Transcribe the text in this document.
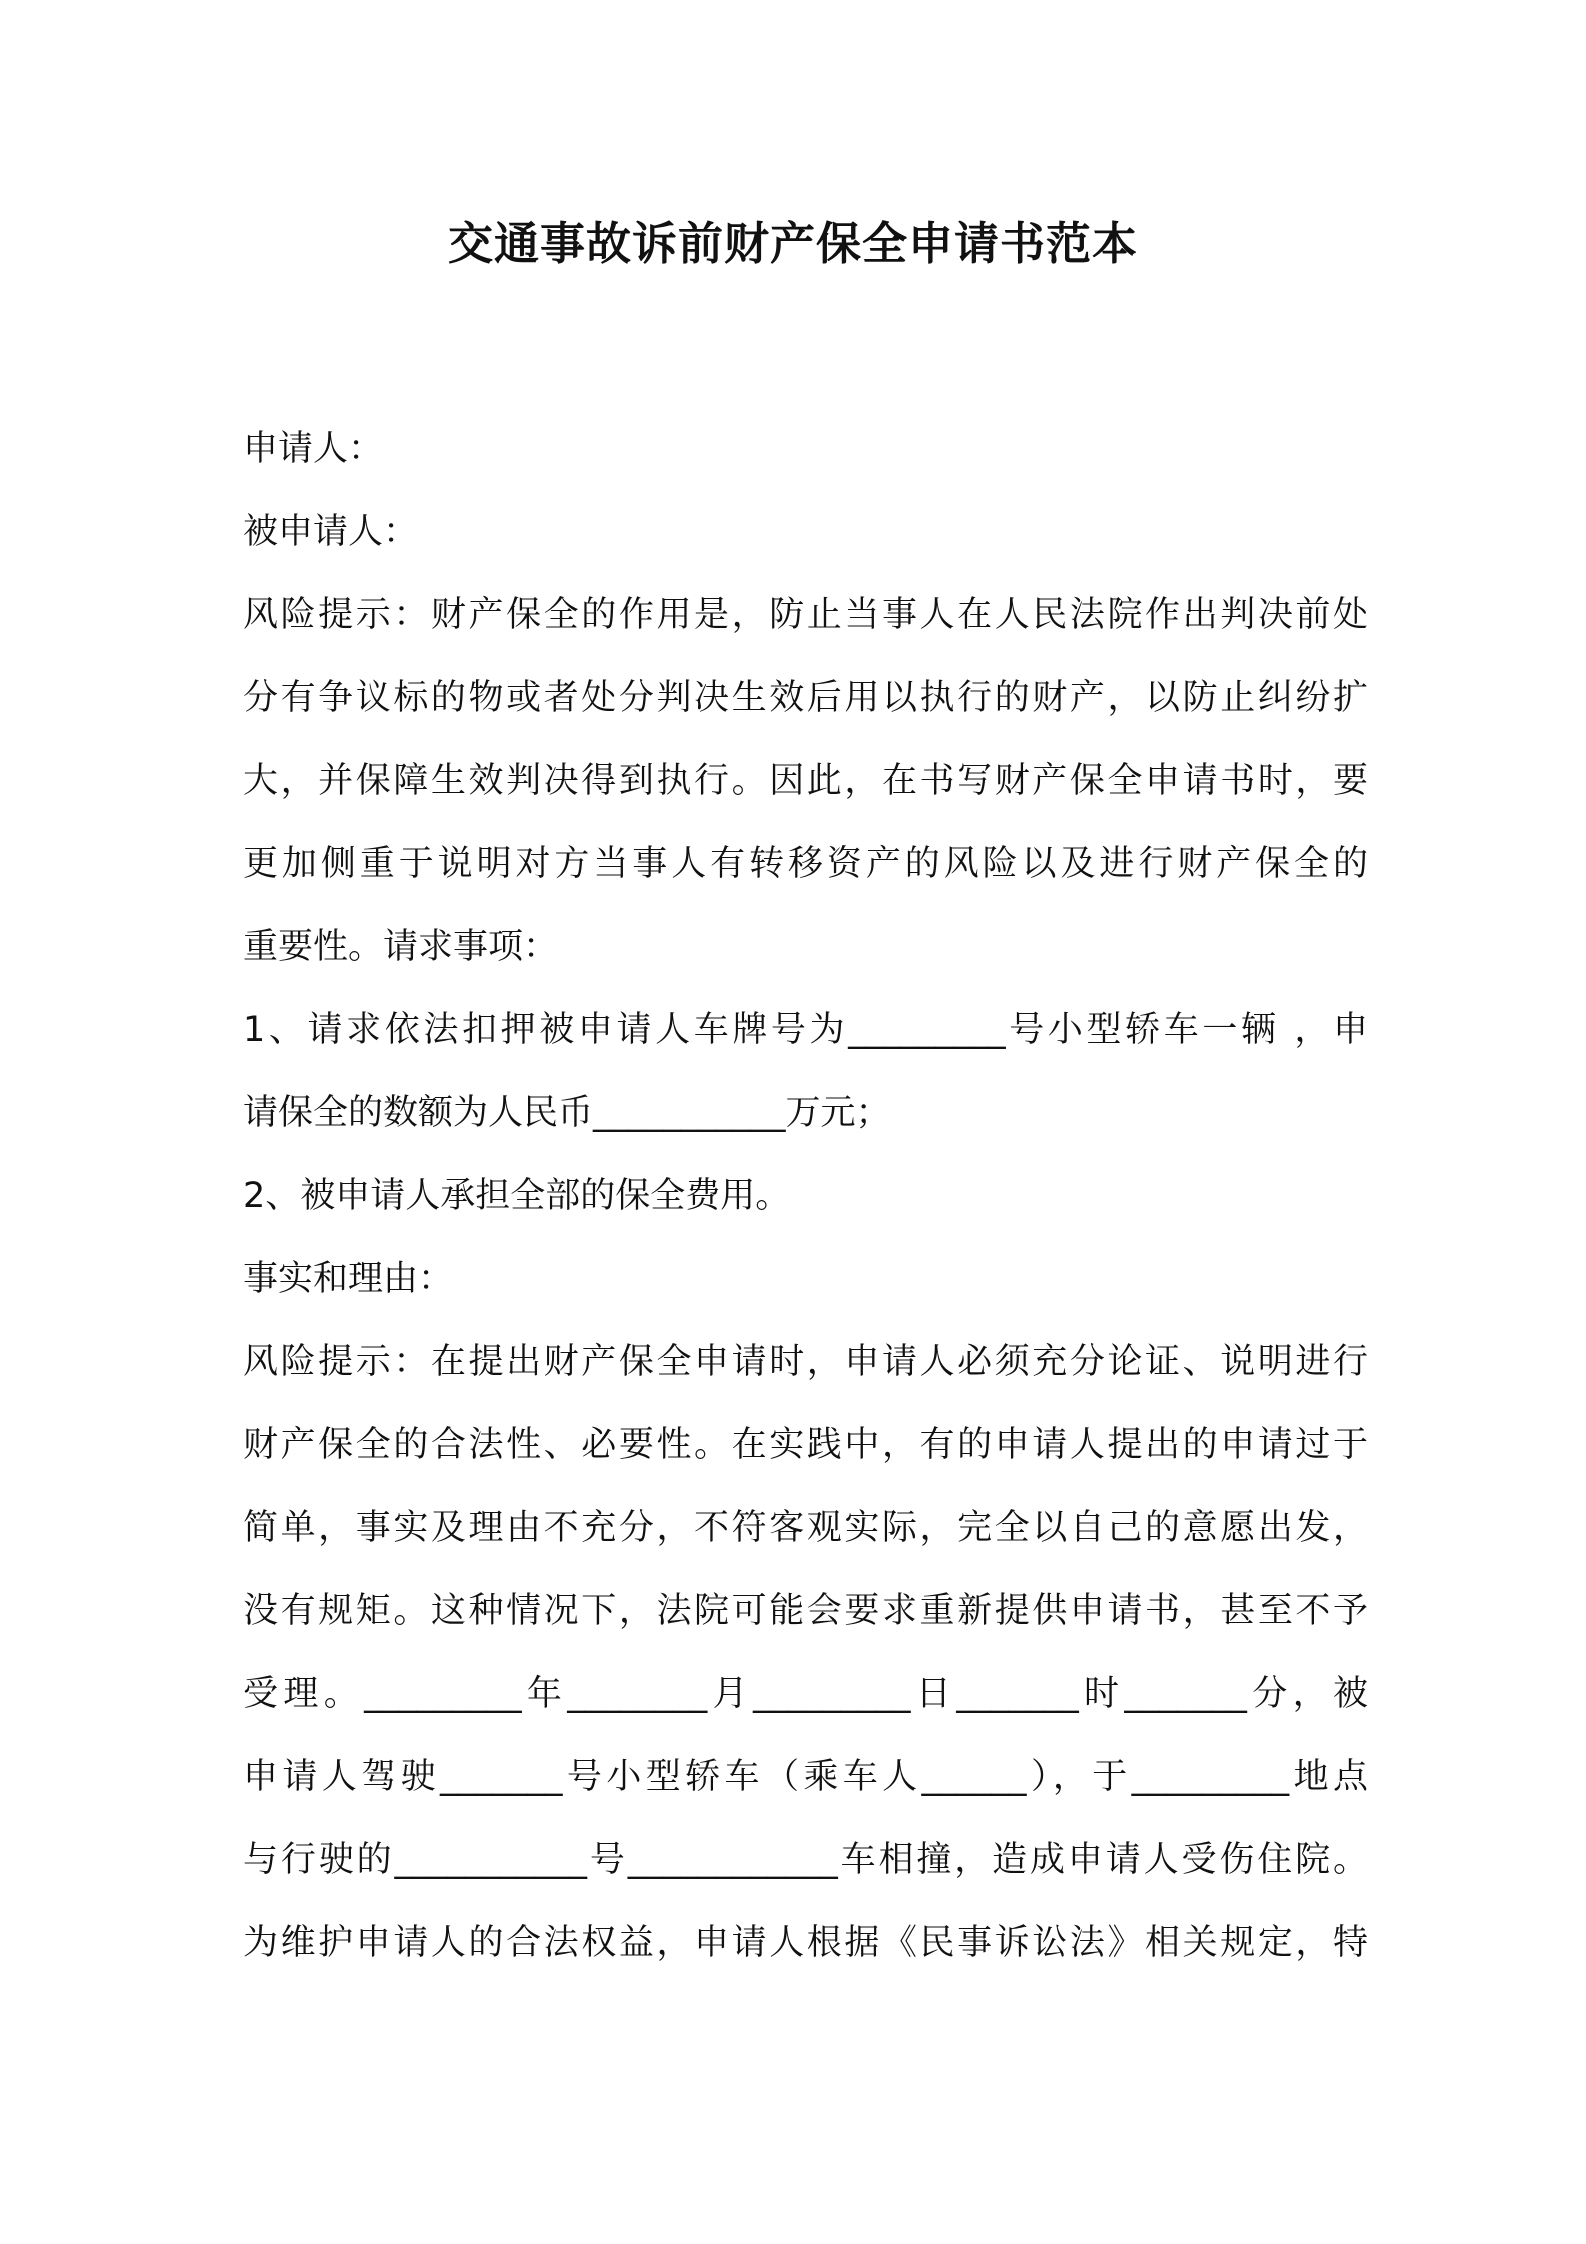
交通事故诉前财产保全申请书范本
申请人：
被申请人：
风险提示：财产保全的作用是，防止当事人在人民法院作出判决前处
分有争议标的物或者处分判决生效后用以执行的财产，以防止纠纷扩
大，并保障生效判决得到执行。因此，在书写财产保全申请书时，要
更加侧重于说明对方当事人有转移资产的风险以及进行财产保全的
重要性。请求事项：
1、请求依法扣押被申请人车牌号为_________号小型轿车一辆 ，申
请保全的数额为人民币___________万元；
2、被申请人承担全部的保全费用。
事实和理由：
风险提示：在提出财产保全申请时，申请人必须充分论证、说明进行
财产保全的合法性、必要性。在实践中，有的申请人提出的申请过于
简单，事实及理由不充分，不符客观实际，完全以自己的意愿出发，
没有规矩。这种情况下，法院可能会要求重新提供申请书，甚至不予
受理。_________年________月_________日_______时_______分，被
申请人驾驶_______号小型轿车（乘车人______），于_________地点
与行驶的___________号____________车相撞，造成申请人受伤住院。
为维护申请人的合法权益，申请人根据《民事诉讼法》相关规定，特
